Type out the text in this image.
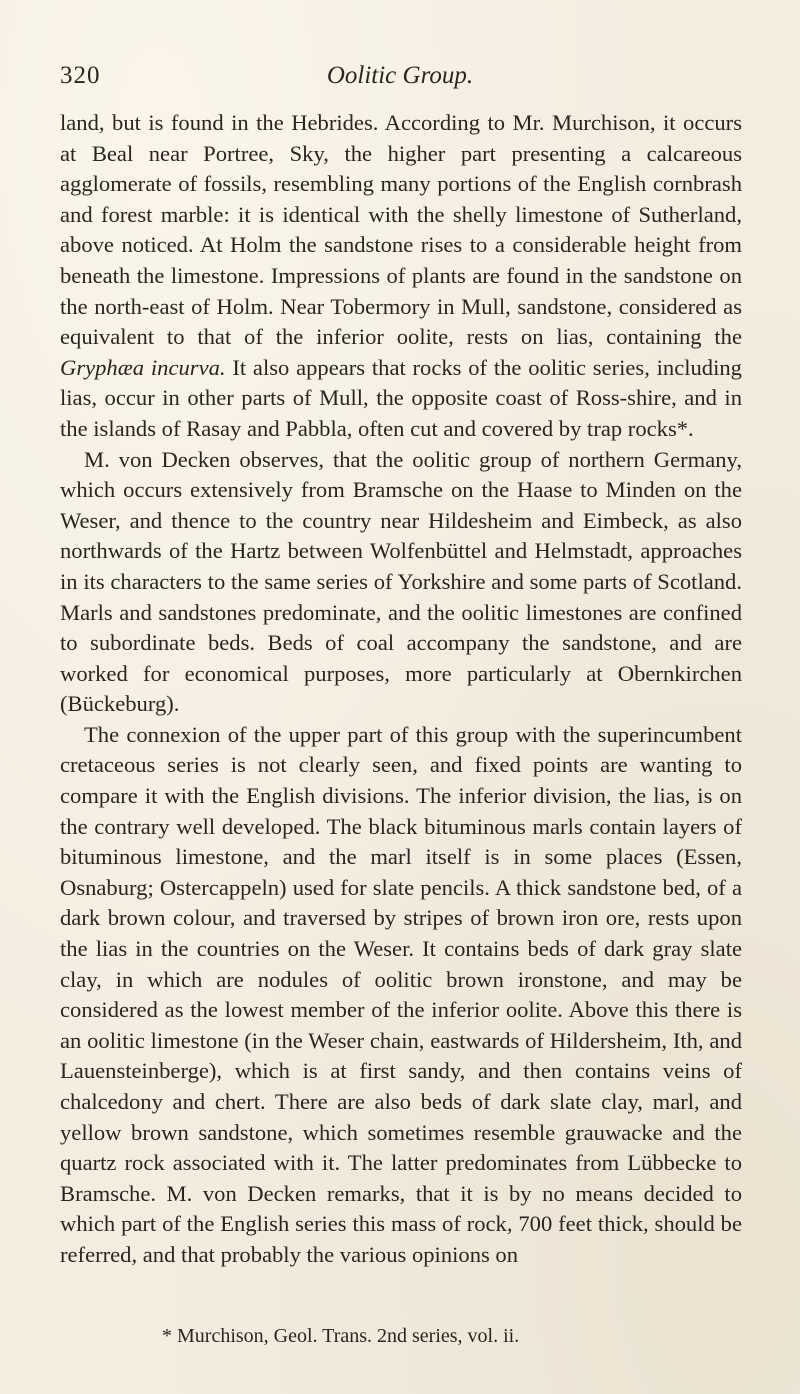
320	Oolitic Group.

land, but is found in the Hebrides. According to Mr. Murchison, it occurs at Beal near Portree, Sky, the higher part presenting a calcareous agglomerate of fossils, resembling many portions of the English cornbrash and forest marble: it is identical with the shelly limestone of Sutherland, above noticed. At Holm the sandstone rises to a considerable height from beneath the limestone. Impressions of plants are found in the sandstone on the north-east of Holm. Near Tobermory in Mull, sandstone, considered as equivalent to that of the inferior oolite, rests on lias, containing the Gryphæa incurva. It also appears that rocks of the oolitic series, including lias, occur in other parts of Mull, the opposite coast of Ross-shire, and in the islands of Rasay and Pabbla, often cut and covered by trap rocks*.

M. von Decken observes, that the oolitic group of northern Germany, which occurs extensively from Bramsche on the Haase to Minden on the Weser, and thence to the country near Hildesheim and Eimbeck, as also northwards of the Hartz between Wolfenbüttel and Helmstadt, approaches in its characters to the same series of Yorkshire and some parts of Scotland. Marls and sandstones predominate, and the oolitic limestones are confined to subordinate beds. Beds of coal accompany the sandstone, and are worked for economical purposes, more particularly at Obernkirchen (Bückeburg).

The connexion of the upper part of this group with the superincumbent cretaceous series is not clearly seen, and fixed points are wanting to compare it with the English divisions. The inferior division, the lias, is on the contrary well developed. The black bituminous marls contain layers of bituminous limestone, and the marl itself is in some places (Essen, Osnaburg; Ostercappeln) used for slate pencils. A thick sandstone bed, of a dark brown colour, and traversed by stripes of brown iron ore, rests upon the lias in the countries on the Weser. It contains beds of dark gray slate clay, in which are nodules of oolitic brown ironstone, and may be considered as the lowest member of the inferior oolite. Above this there is an oolitic limestone (in the Weser chain, eastwards of Hildersheim, Ith, and Lauensteinberge), which is at first sandy, and then contains veins of chalcedony and chert. There are also beds of dark slate clay, marl, and yellow brown sandstone, which sometimes resemble grauwacke and the quartz rock associated with it. The latter predominates from Lübbecke to Bramsche. M. von Decken remarks, that it is by no means decided to which part of the English series this mass of rock, 700 feet thick, should be referred, and that probably the various opinions on

* Murchison, Geol. Trans. 2nd series, vol. ii.
